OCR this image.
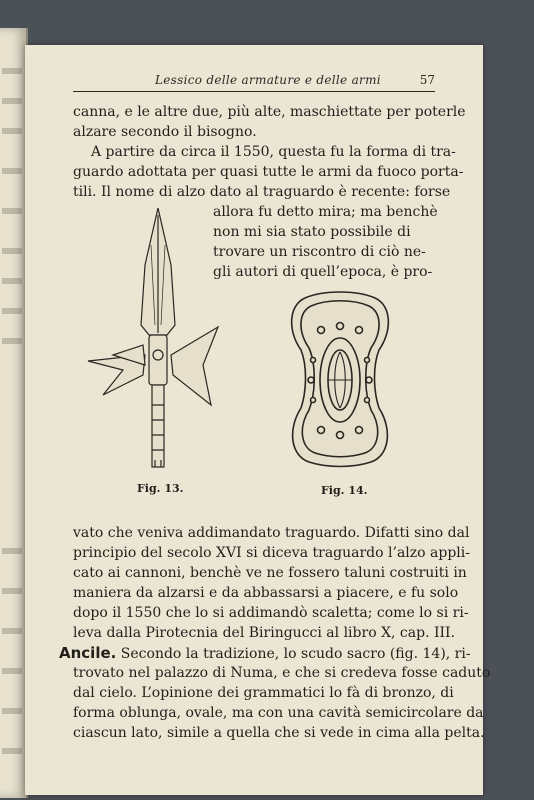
Lessico delle armature e delle armi	57
canna, e le altre due, più alte, maschiettate per poterle
alzare secondo il bisogno.
A partire da circa il 1550, questa fu la forma di tra-
guardo adottata per quasi tutte le armi da fuoco porta-
tili. Il nome di alzo dato al traguardo è recente: forse
allora fu detto mira; ma benchè
non mi sia stato possibile di
trovare un riscontro di ciò ne-
gli autori di quell’epoca, è pro-
Fig. 13.	Fig. 14.
vato che veniva addimandato traguardo. Difatti sino dal
principio del secolo XVI si diceva traguardo l’alzo appli-
cato ai cannoni, benchè ve ne fossero taluni costruiti in
maniera da alzarsi e da abbassarsi a piacere, e fu solo
dopo il 1550 che lo si addimandò scaletta; come lo si ri-
leva dalla Pirotecnia del Biringucci al libro X, cap. III.
Ancile. Secondo la tradizione, lo scudo sacro (fig. 14), ri-
trovato nel palazzo di Numa, e che si credeva fosse caduto
dal cielo. L’opinione dei grammatici lo fà di bronzo, di
forma oblunga, ovale, ma con una cavità semicircolare da
ciascun lato, simile a quella che si vede in cima alla pelta.
